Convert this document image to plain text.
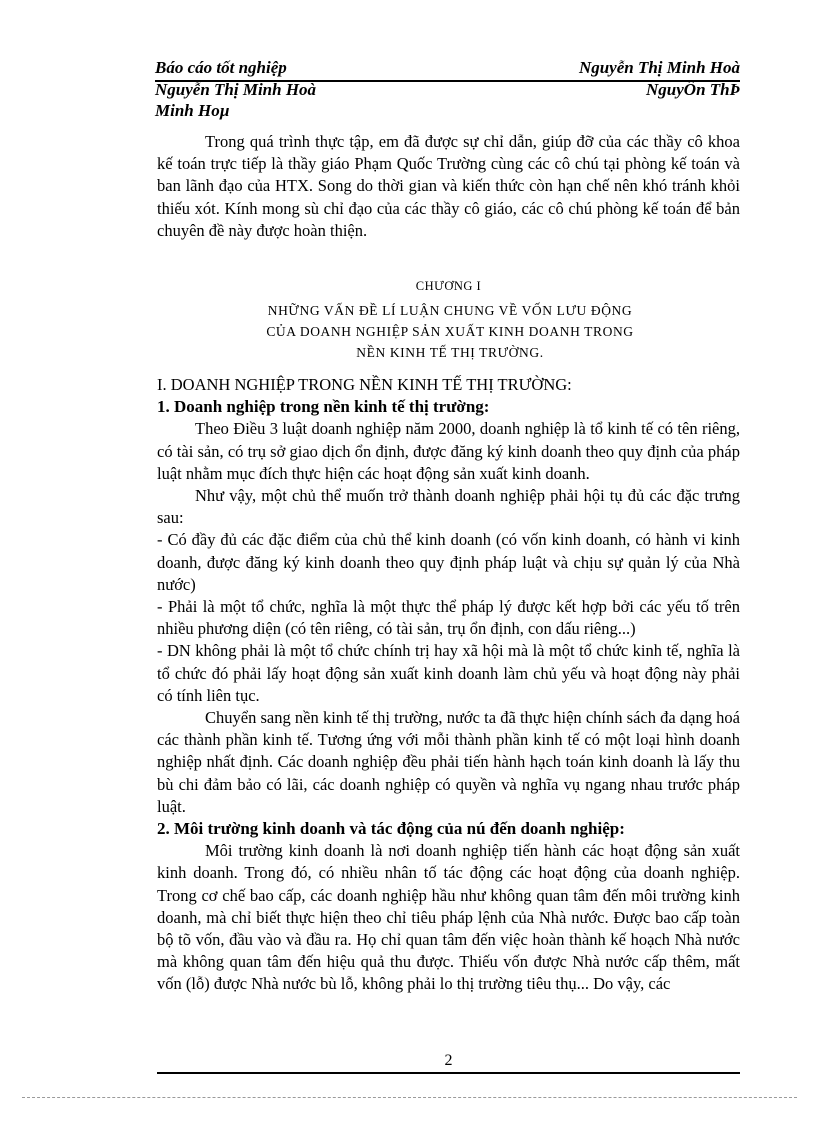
Báo cáo tốt nghiệp	Nguyễn Thị Minh Hoà
Nguyễn Thị Minh Hoà	NguyÔn ThÞ
Minh Hoµ

Trong quá trình thực tập, em đã được sự chỉ dẫn, giúp đỡ của các thầy cô khoa kế toán trực tiếp là thầy giáo Phạm Quốc Trường cùng các cô chú tại phòng kế toán và ban lãnh đạo của HTX. Song do thời gian và kiến thức còn hạn chế nên khó tránh khỏi thiếu xót. Kính mong sù chỉ đạo của các thầy cô giáo, các cô chú phòng kế toán để bản chuyên đề này được hoàn thiện.

CHƯƠNG I
NHỮNG VẤN ĐỀ LÍ LUẬN CHUNG VỀ VỐN LƯU ĐỘNG
CỦA DOANH NGHIỆP SẢN XUẤT KINH DOANH TRONG
NỀN KINH TẾ THỊ TRƯỜNG.

I. DOANH NGHIỆP TRONG NỀN KINH TẾ THỊ TRƯỜNG:

1. Doanh nghiệp trong nền kinh tế thị trường:

Theo Điều 3 luật doanh nghiệp năm 2000, doanh nghiệp là tổ kinh tế có tên riêng, có tài sản, có trụ sở giao dịch ổn định, được đăng ký kinh doanh theo quy định của pháp luật nhằm mục đích thực hiện các hoạt động sản xuất kinh doanh.

Như vậy, một chủ thể muốn trở thành doanh nghiệp phải hội tụ đủ các đặc trưng sau:

- Có đầy đủ các đặc điểm của chủ thể kinh doanh (có vốn kinh doanh, có hành vi kinh doanh, được đăng ký kinh doanh theo quy định pháp luật và chịu sự quản lý của Nhà nước)

- Phải là một tổ chức, nghĩa là một thực thể pháp lý được kết hợp bởi các yếu tố trên nhiều phương diện (có tên riêng, có tài sản, trụ ổn định, con dấu riêng...)

- DN không phải là một tổ chức chính trị hay xã hội mà là một tổ chức kinh tế, nghĩa là tổ chức đó phải lấy hoạt động sản xuất kinh doanh làm chủ yếu và hoạt động này phải có tính liên tục.

Chuyển sang nền kinh tế thị trường, nước ta đã thực hiện chính sách đa dạng hoá các thành phần kinh tế. Tương ứng với mỗi thành phần kinh tế có một loại hình doanh nghiệp nhất định. Các doanh nghiệp đều phải tiến hành hạch toán kinh doanh là lấy thu bù chi đảm bảo có lãi, các doanh nghiệp có quyền và nghĩa vụ ngang nhau trước pháp luật.

2. Môi trường kinh doanh và tác động của nú đến doanh nghiệp:

Môi trường kinh doanh là nơi doanh nghiệp tiến hành các hoạt động sản xuất kinh doanh. Trong đó, có nhiều nhân tố tác động các hoạt động của doanh nghiệp. Trong cơ chế bao cấp, các doanh nghiệp hầu như không quan tâm đến môi trường kinh doanh, mà chỉ biết thực hiện theo chỉ tiêu pháp lệnh của Nhà nước. Được bao cấp toàn bộ tõ vốn, đầu vào và đầu ra. Họ chỉ quan tâm đến việc hoàn thành kế hoạch Nhà nước mà không quan tâm đến hiệu quả thu được. Thiếu vốn được Nhà nước cấp thêm, mất vốn (lỗ) được Nhà nước bù lỗ, không phải lo thị trường tiêu thụ... Do vậy, các

2
